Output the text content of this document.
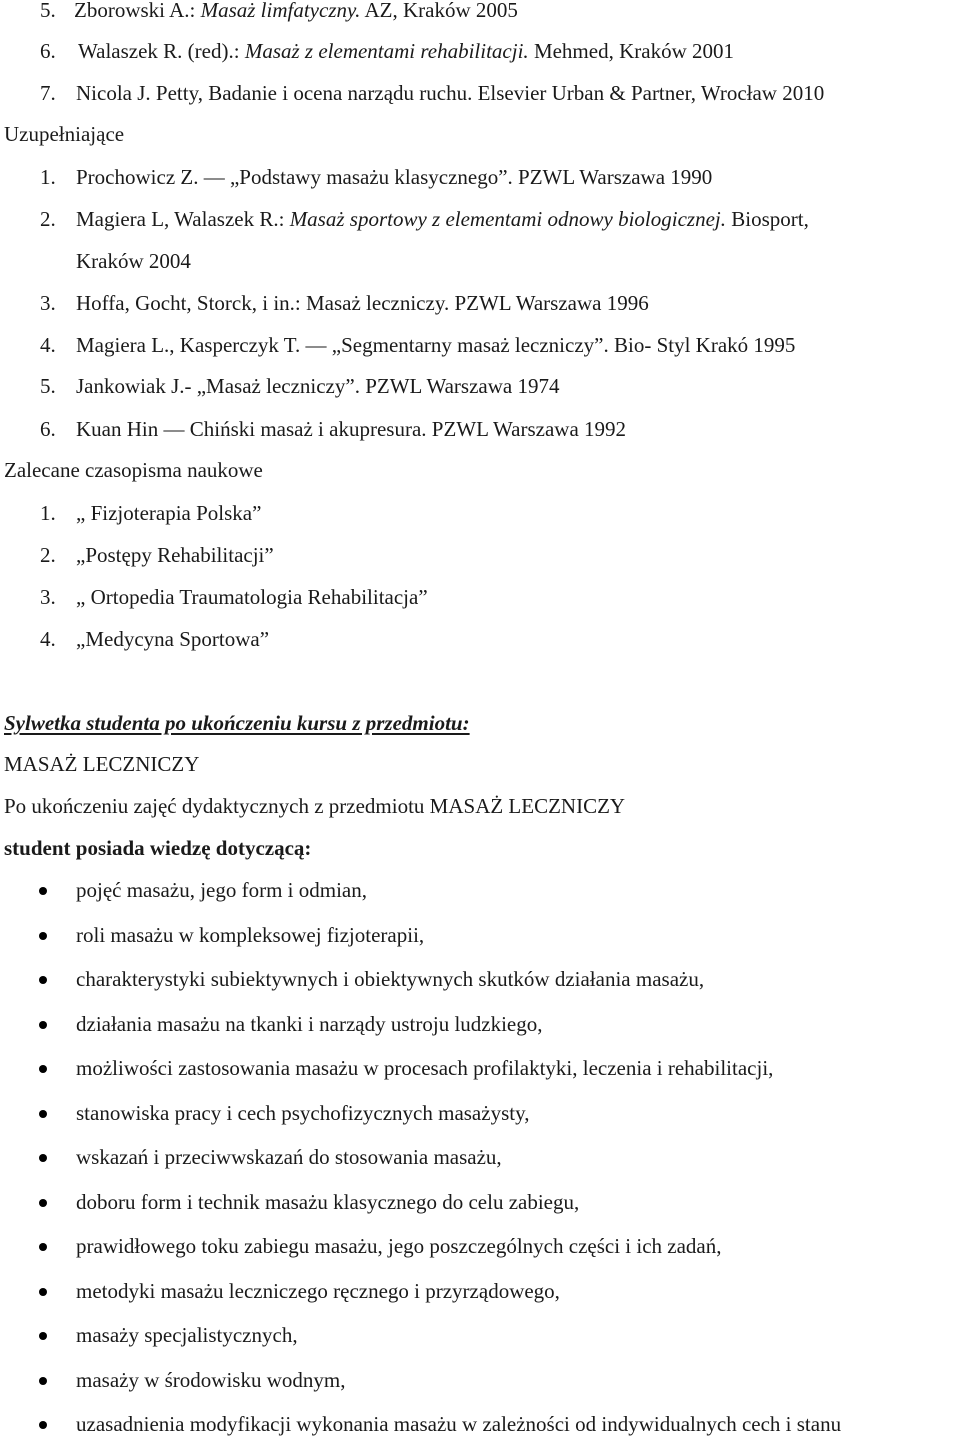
5. Zborowski A.: Masaż limfatyczny. AZ, Kraków 2005
6. Walaszek R. (red).: Masaż z elementami rehabilitacji. Mehmed, Kraków 2001
7. Nicola J. Petty, Badanie i ocena narządu ruchu. Elsevier Urban & Partner, Wrocław 2010
Uzupełniające
1. Prochowicz Z. — „Podstawy masażu klasycznego”. PZWL Warszawa 1990
2. Magiera L, Walaszek R.: Masaż sportowy z elementami odnowy biologicznej. Biosport,
Kraków 2004
3. Hoffa, Gocht, Storck, i in.: Masaż leczniczy. PZWL Warszawa 1996
4. Magiera L., Kasperczyk T. — „Segmentarny masaż leczniczy”. Bio- Styl Krakó 1995
5. Jankowiak J.- „Masaż leczniczy”. PZWL Warszawa 1974
6. Kuan Hin — Chiński masaż i akupresura. PZWL Warszawa 1992
Zalecane czasopisma naukowe
1. „ Fizjoterapia Polska”
2. „Postępy Rehabilitacji”
3. „ Ortopedia Traumatologia Rehabilitacja”
4. „Medycyna Sportowa”
Sylwetka studenta po ukończeniu kursu z przedmiotu:
MASAŻ LECZNICZY
Po ukończeniu zajęć dydaktycznych z przedmiotu MASAŻ LECZNICZY
student posiada wiedzę dotyczącą:
pojęć masażu, jego form i odmian,
roli masażu w kompleksowej fizjoterapii,
charakterystyki subiektywnych i obiektywnych skutków działania masażu,
działania masażu na tkanki i narządy ustroju ludzkiego,
możliwości zastosowania masażu w procesach profilaktyki, leczenia i rehabilitacji,
stanowiska pracy i cech psychofizycznych masażysty,
wskazań i przeciwwskazań do stosowania masażu,
doboru form i technik masażu klasycznego do celu zabiegu,
prawidłowego toku zabiegu masażu, jego poszczególnych części i ich zadań,
metodyki masażu leczniczego ręcznego i przyrządowego,
masaży specjalistycznych,
masaży w środowisku wodnym,
uzasadnienia modyfikacji wykonania masażu w zależności od indywidualnych cech i stanu
